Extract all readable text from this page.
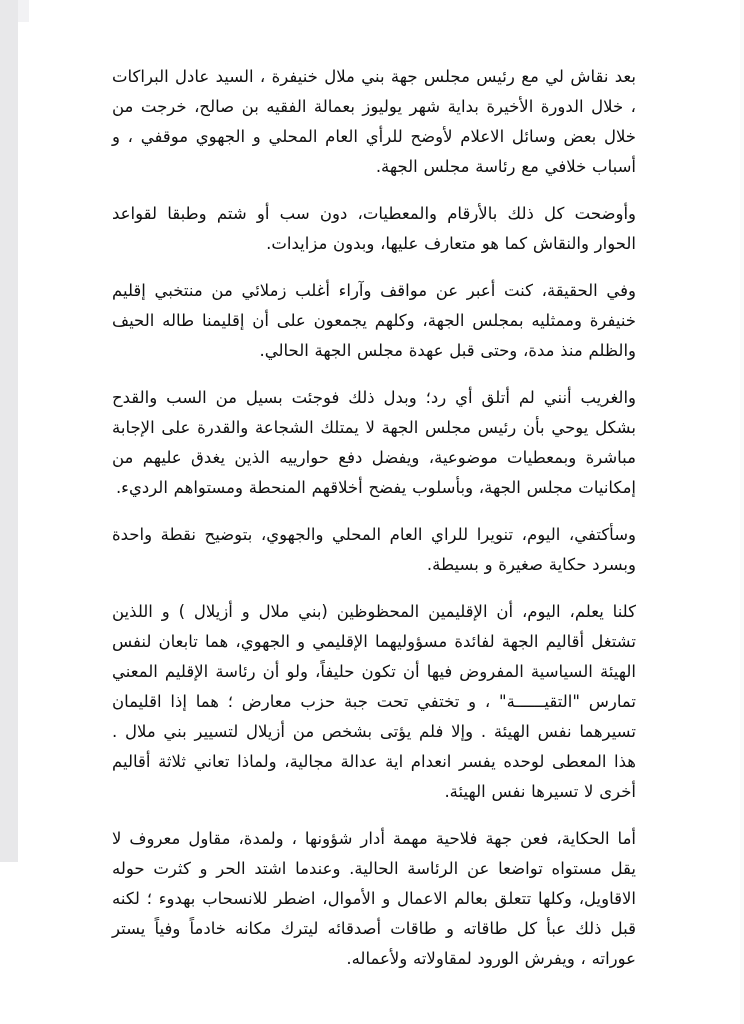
بعد نقاش لي مع رئيس مجلس جهة بني ملال خنيفرة ، السيد عادل البراكات ، خلال الدورة الأخيرة بداية شهر يوليوز بعمالة الفقيه بن صالح، خرجت من خلال بعض وسائل الاعلام لأوضح للرأي العام المحلي و الجهوي موقفي ، و أسباب خلافي مع رئاسة مجلس الجهة.

وأوضحت كل ذلك بالأرقام والمعطيات، دون سب أو شتم وطبقا لقواعد الحوار والنقاش كما هو متعارف عليها، وبدون مزايدات.

وفي الحقيقة، كنت أعبر عن مواقف وآراء أغلب زملائي من منتخبي إقليم خنيفرة وممثليه بمجلس الجهة، وكلهم يجمعون على أن إقليمنا طاله الحيف والظلم منذ مدة، وحتى قبل عهدة مجلس الجهة الحالي.

والغريب أنني لم أتلق أي رد؛ وبدل ذلك فوجئت بسيل من السب والقدح بشكل يوحي بأن رئيس مجلس الجهة لا يمتلك الشجاعة والقدرة على الإجابة مباشرة وبمعطيات موضوعية، ويفضل دفع حوارييه الذين يغدق عليهم من إمكانيات مجلس الجهة، وبأسلوب يفضح أخلاقهم المنحطة ومستواهم الرديء.

وسأكتفي، اليوم، تنويرا للراي العام المحلي والجهوي، بتوضيح نقطة واحدة وبسرد حكاية صغيرة و بسيطة.

كلنا يعلم، اليوم، أن الإقليمين المحظوظين (بني ملال و أزيلال ) و اللذين تشتغل أقاليم الجهة لفائدة مسؤوليهما الإقليمي و الجهوي، هما تابعان لنفس الهيئة السياسية المفروض فيها أن تكون حليفاً، ولو أن رئاسة الإقليم المعني تمارس "التقيــــــة" ، و تختفي تحت جبة حزب معارض ؛ هما إذا اقليمان تسيرهما نفس الهيئة . وإلا فلم يؤتى بشخص من أزيلال لتسيير بني ملال . هذا المعطى لوحده يفسر انعدام اية عدالة مجالية، ولماذا تعاني ثلاثة أقاليم أخرى لا تسيرها نفس الهيئة.

أما الحكاية، فعن جهة فلاحية مهمة أدار شؤونها ، ولمدة، مقاول معروف لا يقل مستواه تواضعا عن الرئاسة الحالية. وعندما اشتد الحر و كثرت حوله الاقاويل، وكلها تتعلق بعالم الاعمال و الأموال، اضطر للانسحاب بهدوء ؛ لكنه قبل ذلك عبأ كل طاقاته و طاقات أصدقائه ليترك مكانه خادماً وفياً يستر عوراته ، ويفرش الورود لمقاولاته ولأعماله.
